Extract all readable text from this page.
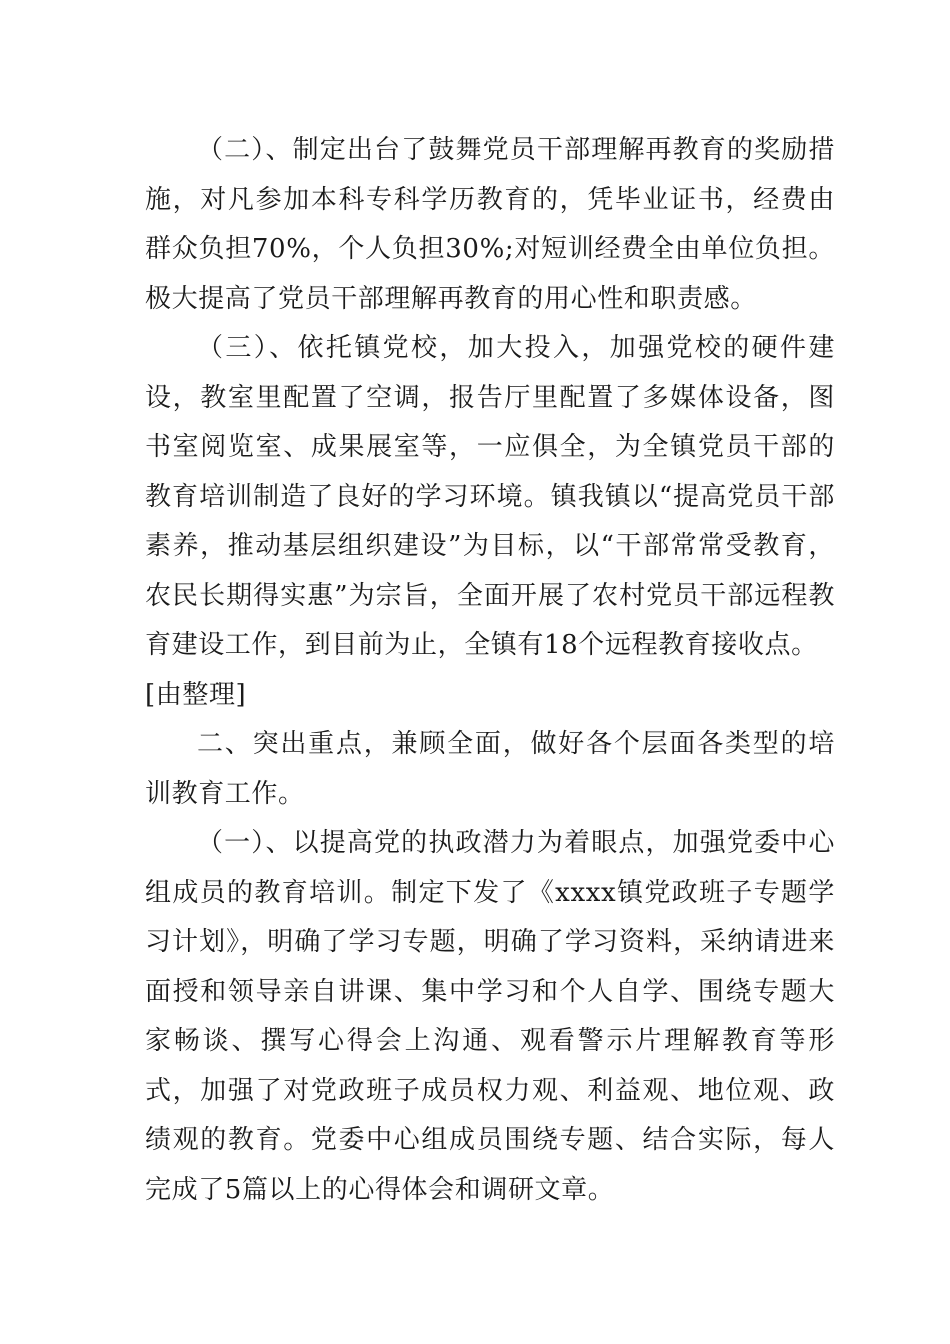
（二）、制定出台了鼓舞党员干部理解再教育的奖励措施，对凡参加本科专科学历教育的，凭毕业证书，经费由群众负担70%，个人负担30%;对短训经费全由单位负担。极大提高了党员干部理解再教育的用心性和职责感。

（三）、依托镇党校，加大投入，加强党校的硬件建设，教室里配置了空调，报告厅里配置了多媒体设备，图书室阅览室、成果展室等，一应俱全，为全镇党员干部的教育培训制造了良好的学习环境。镇我镇以“提高党员干部素养，推动基层组织建设”为目标，以“干部常常受教育，农民长期得实惠”为宗旨，全面开展了农村党员干部远程教育建设工作，到目前为止，全镇有18个远程教育接收点。

[由整理]

二、突出重点，兼顾全面，做好各个层面各类型的培训教育工作。

（一）、以提高党的执政潜力为着眼点，加强党委中心组成员的教育培训。制定下发了《xxxx镇党政班子专题学习计划》，明确了学习专题，明确了学习资料，采纳请进来面授和领导亲自讲课、集中学习和个人自学、围绕专题大家畅谈、撰写心得会上沟通、观看警示片理解教育等形式，加强了对党政班子成员权力观、利益观、地位观、政绩观的教育。党委中心组成员围绕专题、结合实际，每人完成了5篇以上的心得体会和调研文章。
